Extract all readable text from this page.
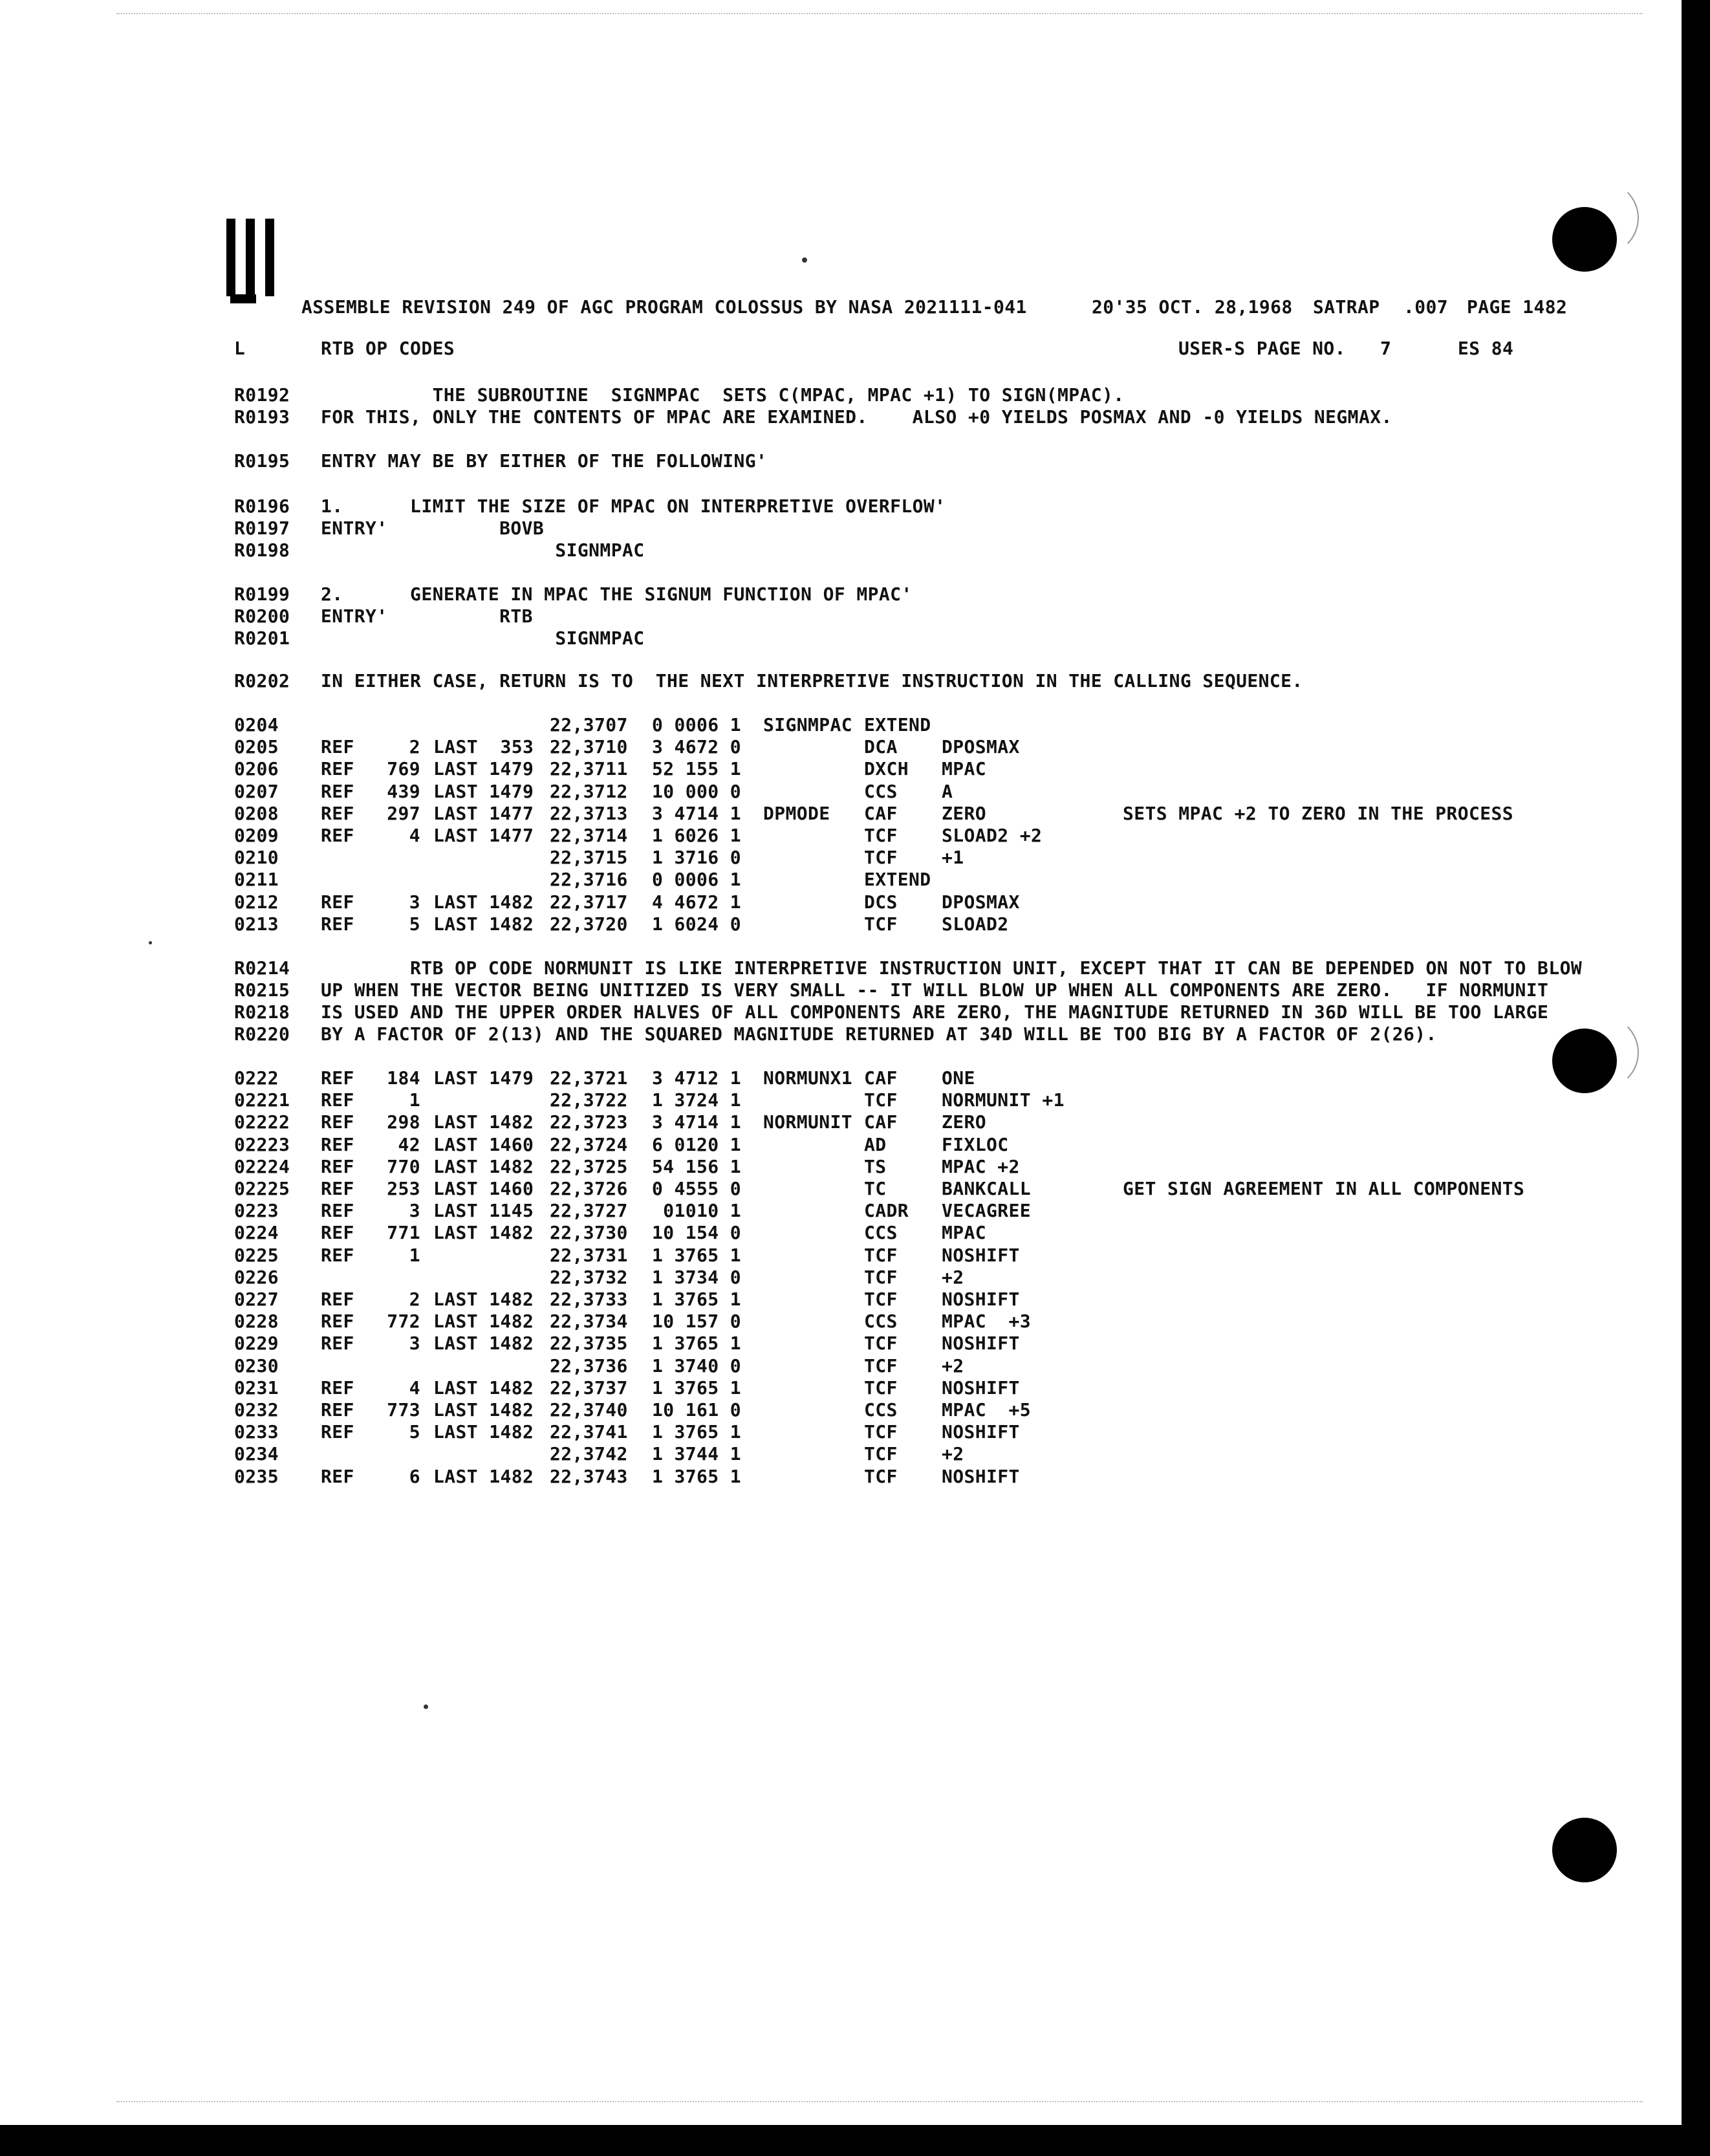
ASSEMBLE REVISION 249 OF AGC PROGRAM COLOSSUS BY NASA 2021111-041	20'35 OCT. 28,1968 SATRAP .007 PAGE 1482
L	RTB OP CODES	USER-S PAGE NO. 7	ES 84
R0192 THE SUBROUTINE  SIGNMPAC  SETS C(MPAC, MPAC +1) TO SIGN(MPAC).
R0193 FOR THIS, ONLY THE CONTENTS OF MPAC ARE EXAMINED.    ALSO +0 YIELDS POSMAX AND -0 YIELDS NEGMAX.
R0195 ENTRY MAY BE BY EITHER OF THE FOLLOWING'
R0196 1.      LIMIT THE SIZE OF MPAC ON INTERPRETIVE OVERFLOW'
R0197 ENTRY'          BOVB
R0198 SIGNMPAC
R0199 2.      GENERATE IN MPAC THE SIGNUM FUNCTION OF MPAC'
R0200 ENTRY'          RTB
R0201 SIGNMPAC
R0202 IN EITHER CASE, RETURN IS TO  THE NEXT INTERPRETIVE INSTRUCTION IN THE CALLING SEQUENCE.
0204	22,3707 0 0006 1 SIGNMPAC EXTEND
0205 REF	2 LAST  353 22,3710 3 4672 0	DCA DPOSMAX
0206 REF	769 LAST 1479 22,3711 52 155 1	DXCH MPAC
0207 REF	439 LAST 1479 22,3712 10 000 0	CCS A
0208 REF	297 LAST 1477 22,3713 3 4714 1 DPMODE CAF ZERO	SETS MPAC +2 TO ZERO IN THE PROCESS
0209 REF	4 LAST 1477 22,3714 1 6026 1	TCF SLOAD2 +2
0210	22,3715 1 3716 0	TCF +1
0211	22,3716 0 0006 1	EXTEND
0212 REF	3 LAST 1482 22,3717 4 4672 1	DCS DPOSMAX
0213 REF	5 LAST 1482 22,3720 1 6024 0	TCF SLOAD2
R0214 RTB OP CODE NORMUNIT IS LIKE INTERPRETIVE INSTRUCTION UNIT, EXCEPT THAT IT CAN BE DEPENDED ON NOT TO BLOW
R0215 UP WHEN THE VECTOR BEING UNITIZED IS VERY SMALL -- IT WILL BLOW UP WHEN ALL COMPONENTS ARE ZERO.   IF NORMUNIT
R0218 IS USED AND THE UPPER ORDER HALVES OF ALL COMPONENTS ARE ZERO, THE MAGNITUDE RETURNED IN 36D WILL BE TOO LARGE
R0220 BY A FACTOR OF 2(13) AND THE SQUARED MAGNITUDE RETURNED AT 34D WILL BE TOO BIG BY A FACTOR OF 2(26).
0222 REF	184 LAST 1479 22,3721 3 4712 1 NORMUNX1 CAF ONE
02221 REF	1	22,3722 1 3724 1	TCF NORMUNIT +1
02222 REF	298 LAST 1482 22,3723 3 4714 1 NORMUNIT CAF ZERO
02223 REF	42 LAST 1460 22,3724 6 0120 1	AD	FIXLOC
02224 REF	770 LAST 1482 22,3725 54 156 1	TS	MPAC +2
02225 REF	253 LAST 1460 22,3726 0 4555 0	TC	BANKCALL	GET SIGN AGREEMENT IN ALL COMPONENTS
0223 REF	3 LAST 1145 22,3727 01010 1	CADR VECAGREE
0224 REF	771 LAST 1482 22,3730 10 154 0	CCS MPAC
0225 REF	1	22,3731 1 3765 1	TCF NOSHIFT
0226	22,3732 1 3734 0	TCF +2
0227 REF	2 LAST 1482 22,3733 1 3765 1	TCF NOSHIFT
0228 REF	772 LAST 1482 22,3734 10 157 0	CCS MPAC  +3
0229 REF	3 LAST 1482 22,3735 1 3765 1	TCF NOSHIFT
0230	22,3736 1 3740 0	TCF +2
0231 REF	4 LAST 1482 22,3737 1 3765 1	TCF NOSHIFT
0232 REF	773 LAST 1482 22,3740 10 161 0	CCS MPAC  +5
0233 REF	5 LAST 1482 22,3741 1 3765 1	TCF NOSHIFT
0234	22,3742 1 3744 1	TCF +2
0235 REF	6 LAST 1482 22,3743 1 3765 1	TCF NOSHIFT
